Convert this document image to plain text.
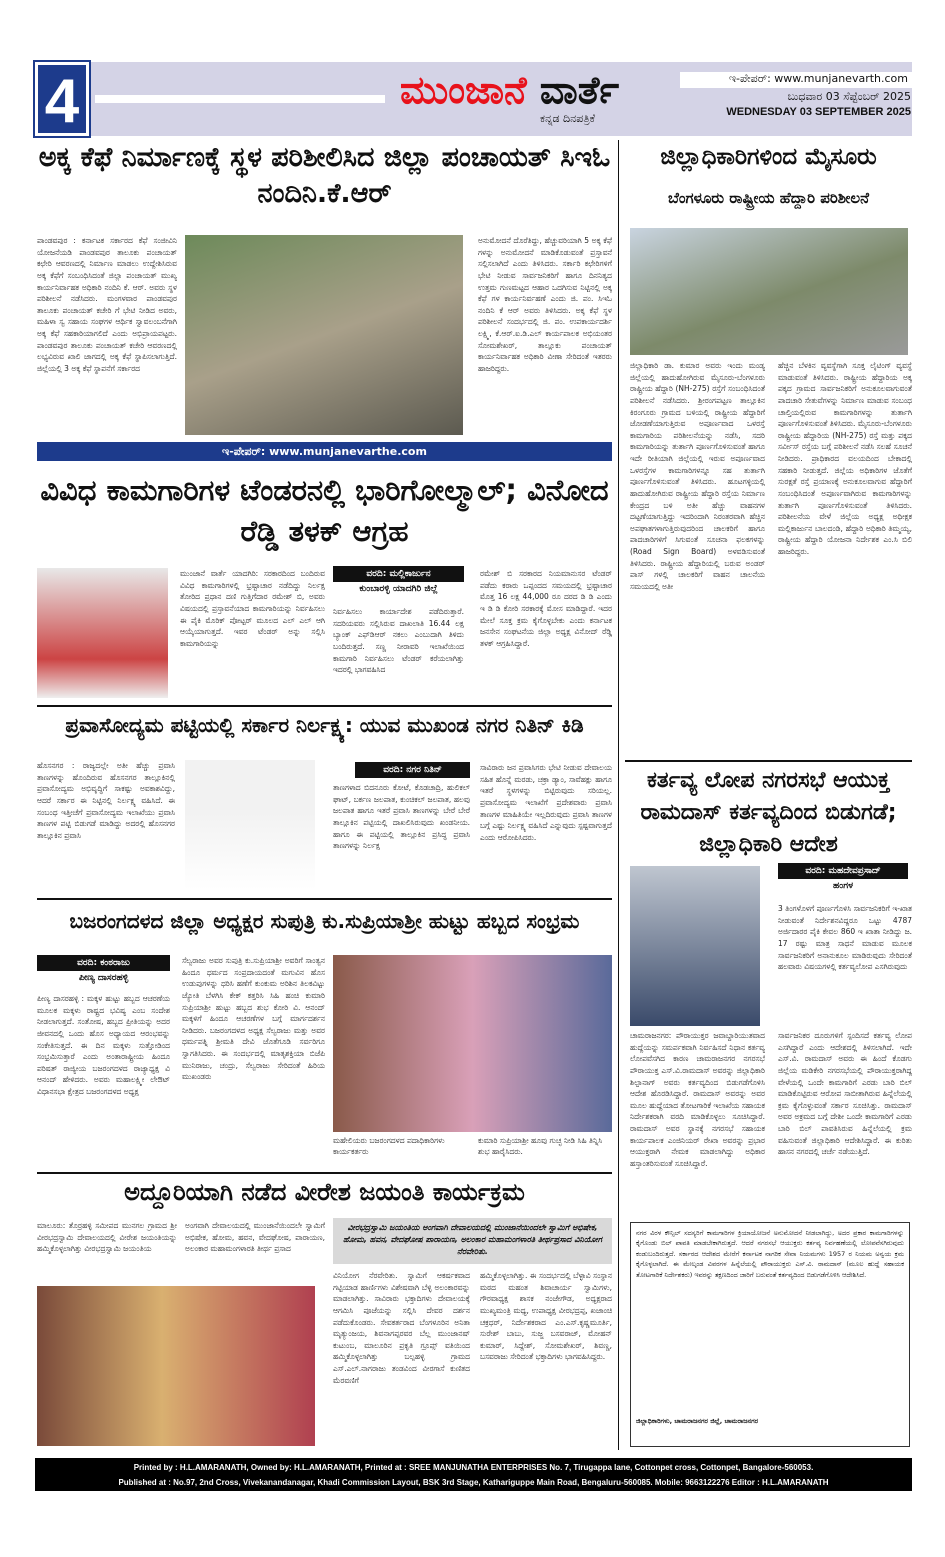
4	ಮುಂಜಾನೆ ವಾರ್ತೆ
ಕನ್ನಡ ದಿನಪತ್ರಿಕೆ
ಇ-ಪೇಪರ್: www.munjanevarth.com
ಬುಧವಾರ 03 ಸೆಪ್ಟೆಂಬರ್ 2025
WEDNESDAY 03 SEPTEMBER 2025
ಅಕ್ಕ ಕೆಫೆ ನಿರ್ಮಾಣಕ್ಕೆ ಸ್ಥಳ ಪರಿಶೀಲಿಸಿದ ಜಿಲ್ಲಾ ಪಂಚಾಯತ್ ಸಿಇಓ ನಂದಿನಿ.ಕೆ.ಆರ್
ಪಾಂಡವಪುರ : ಕರ್ನಾಟಕ ಸರ್ಕಾರದ ಕೆಫೆ ಸಂಜೀವಿನಿ ಯೋಜನೆಯಡಿ ಪಾಂಡವಪುರ ತಾಲೂಕು ಪಂಚಾಯತ್ ಕಛೇರಿ ಆವರಣದಲ್ಲಿ ನಿರ್ಮಾಣ ಮಾಡಲು ಉದ್ದೇಶಿಸಿರುವ ಅಕ್ಕ ಕೆಫೆಗೆ ಸಂಬಂಧಿಸಿದಂತೆ ಜಿಲ್ಲಾ ಪಂಚಾಯತ್ ಮುಖ್ಯ ಕಾರ್ಯನಿರ್ವಾಹಕ ಅಧಿಕಾರಿ ನಂದಿನಿ ಕೆ. ಆರ್. ಅವರು ಸ್ಥಳ ಪರಿಶೀಲನೆ ನಡೆಸಿದರು. ಮಂಗಳವಾರ ಪಾಂಡವಪುರ ತಾಲೂಕು ಪಂಚಾಯತ್ ಕಚೇರಿ ಗೆ ಭೇಟಿ ನೀಡಿದ ಅವರು, ಮಹಿಳಾ ಸ್ವ ಸಹಾಯ ಸಂಘಗಳ ಆರ್ಥಿಕ ಸ್ವಾವಲಂಬನೆಗಾಗಿ ಅಕ್ಕ ಕೆಫೆ ಸಹಕಾರಿಯಾಗಲಿದೆ ಎಂದು ಅಭಿಪ್ರಾಯಪಟ್ಟರು. ಪಾಂಡವಪುರ ತಾಲೂಕು ಪಂಚಾಯತ್ ಕಚೇರಿ ಆವರಣದಲ್ಲಿ ಲಭ್ಯವಿರುವ ಖಾಲಿ ಜಾಗದಲ್ಲಿ ಅಕ್ಕ ಕೆಫೆ ಸ್ಥಾಪಿಸಲಾಗುತ್ತಿದೆ. ಜಿಲ್ಲೆಯಲ್ಲಿ 3 ಅಕ್ಕ ಕೆಫೆ ಸ್ಥಾಪನೆಗೆ ಸರ್ಕಾರದ
ಅನುಮೋದನೆ ದೊರೆತಿದ್ದು, ಹೆಚ್ಚುವರಿಯಾಗಿ 5 ಅಕ್ಕ ಕೆಫೆ ಗಳನ್ನು ಅನುಮೋದನೆ ಮಾಡಿಕೊಡುವಂತೆ ಪ್ರಸ್ತಾವನೆ ಸಲ್ಲಿಸಲಾಗಿದೆ ಎಂದು ತಿಳಿಸಿದರು. ಸರ್ಕಾರಿ ಕಛೇರಿಗಳಿಗೆ ಭೇಟಿ ನೀಡುವ ಸಾರ್ವಜನಿಕರಿಗೆ ಹಾಗೂ ದಿನನಿತ್ಯದ ಉತ್ತಮ ಗುಣಮಟ್ಟದ ಆಹಾರ ಒದಗಿಸುವ ನಿಟ್ಟಿನಲ್ಲಿ ಅಕ್ಕ ಕೆಫೆ ಗಳ ಕಾರ್ಯನಿರ್ವಹಣೆ ಎಂದು ಜಿ. ಪಂ. ಸಿಇಓ ನಂದಿನಿ ಕೆ ಆರ್ ಅವರು ತಿಳಿಸಿದರು. ಅಕ್ಕ ಕೆಫೆ ಸ್ಥಳ ಪರಿಶೀಲನೆ ಸಂದರ್ಭದಲ್ಲಿ ಜಿ. ಪಂ. ಉಪಕಾರ್ಯದರ್ಶಿ ಲಕ್ಷ್ಮಿ, ಕೆ.ಆರ್.ಐ.ಡಿ.ಎಲ್ ಕಾರ್ಯಪಾಲಕ ಅಭಿಯಂತರ ಸೋಮಶೇಖರ್, ತಾಲ್ಲೂಕು ಪಂಚಾಯತ್ ಕಾರ್ಯನಿರ್ವಾಹಕ ಅಧಿಕಾರಿ ವೀಣಾ ಸೇರಿದಂತೆ ಇತರರು ಹಾಜರಿದ್ದರು.
ಇ-ಪೇಪರ್: www.munjanevarthe.com
ವಿವಿಧ ಕಾಮಗಾರಿಗಳ ಟೆಂಡರನಲ್ಲಿ ಭಾರಿಗೋಲ್ಮಾಲ್; ವಿನೋದ ರೆಡ್ಡಿ ತಳಕ್ ಆಗ್ರಹ
ಮುಂಜಾನೆ ವಾರ್ತೆ ಯಾದಗಿರಿ: ಸರಕಾರದಿಂದ ಬಂದಿರುವ ವಿವಿಧ ಕಾಮಗಾರಿಗಳಲ್ಲಿ ಭ್ರಷ್ಟಾಚಾರ ನಡೆದಿದ್ದು ನಿರ್ಲಕ್ಷ ತೋರಿದ ಪ್ರಧಾನ ದಣಿ ಗುತ್ತಿಗೆದಾರ ರಮೇಶ್ ಬಿ, ಅವರು ವಿಷಯದಲ್ಲಿ ಪ್ರಸ್ತಾವನೆಯಾದ ಕಾಮಗಾರಿಯನ್ನು ನಿರ್ವಹಿಸಲು ಈ ಪೈಕಿ ಮೊರಿಕ್ ಪೋಟ್ಟರ್ ಮೂಲದ ಎಲ್ ಎಲ್ ಆಗಿ ಆಯ್ಕೆಯಾಗುತ್ತದೆ. ಇವರ ಟೆಂಡರ್ ಅನ್ನು ಸಲ್ಲಿಸಿ ಕಾಮಗಾರಿಯನ್ನು
ವರದಿ: ಮಲ್ಲಿಕಾರ್ಜುನ
ಕುಂಬಾರಳ್ಳಿ ಯಾದಗಿರಿ ಜಿಲ್ಲೆ
ನಿರ್ವಹಿಸಲು ಕಾರ್ಯಾದೇಶ ಪಡೆದಿರುತ್ತಾರೆ. ಸದರಿಯವರು ಸಲ್ಲಿಸಿರುವ ದಾಖಲಾತಿ 16.44 ಲಕ್ಷ ಬ್ಯಾಂಕ್ ಎಫ್‌ಡಿಆರ್ ನಕಲು ಎಂಬುದಾಗಿ ತಿಳಿದು ಬಂದಿರುತ್ತದೆ. ಸಣ್ಣ ನೀರಾವರಿ ಇಲಾಖೆಯಿಂದ ಕಾಮಗಾರಿ ನಿರ್ವಹಿಸಲು ಟೆಂಡರ್ ಕರೆಯಲಾಗಿತ್ತು ಇದರಲ್ಲಿ ಭಾಗವಹಿಸಿದ
ರಮೇಶ್ ಬಿ ಸರಕಾರದ ನಿಯಮಾನುಸರ ಟೆಂಡರ್ ಪಡೆದು ಕರಾರು ಒಪ್ಪಂದದ ಸಮಯದಲ್ಲಿ ಭ್ರಷ್ಟಾಚಾರ ಮೊತ್ತ 16 ಲಕ್ಷ 44,000 ರೂ ದರದ ಡಿ ಡಿ ಎಂದು ಇ ಡಿ ಡಿ ಕೋರಿ ಸರಕಾರಕ್ಕೆ ಮೋಸ ಮಾಡಿದ್ದಾರೆ. ಇದರ ಮೇಲೆ ಸೂಕ್ತ ಕ್ರಮ ಕೈಗೊಳ್ಳಬೇಕು ಎಂದು ಕರ್ನಾಟಕ ಜನಸೇನ ಸಂಘಟನೆಯ ಜಿಲ್ಲಾ ಅಧ್ಯಕ್ಷ ವಿನೋದ್ ರೆಡ್ಡಿ ತಳಕ್ ಆಗ್ರಹಿಸಿದ್ದಾರೆ.
ಪ್ರವಾಸೋದ್ಯಮ ಪಟ್ಟಿಯಲ್ಲಿ ಸರ್ಕಾರ ನಿರ್ಲಕ್ಷ್ಯ: ಯುವ ಮುಖಂಡ ನಗರ ನಿತಿನ್ ಕಿಡಿ
ಹೊಸನಗರ : ರಾಜ್ಯದಲ್ಲೇ ಅತೀ ಹೆಚ್ಚು ಪ್ರವಾಸಿ ತಾಣಗಳನ್ನು ಹೊಂದಿರುವ ಹೊಸನಗರ ತಾಲ್ಲೂಕಿನಲ್ಲಿ ಪ್ರವಾಸೋದ್ಯಮ ಅಭಿವೃದ್ಧಿಗೆ ಸಾಕಷ್ಟು ಅವಕಾಶವಿದ್ದು, ಆದರೆ ಸರ್ಕಾರ ಈ ನಿಟ್ಟಿನಲ್ಲಿ ನಿರ್ಲಕ್ಷ್ಯ ವಹಿಸಿದೆ. ಈ ಸಂಬಂಧ ಇತ್ತೀಚೆಗೆ ಪ್ರವಾಸೋದ್ಯಮ ಇಲಾಖೆಯು ಪ್ರವಾಸಿ ತಾಣಗಳ ಪಟ್ಟಿ ಬಿಡುಗಡೆ ಮಾಡಿದ್ದು ಅದರಲ್ಲಿ ಹೊಸನಗರ ತಾಲ್ಲೂಕಿನ ಪ್ರವಾಸಿ
ವರದಿ: ನಗರ ನಿತಿನ್
ತಾಣಗಳಾದ ಬಿದನೂರು ಕೋಟೆ, ಕೊಡಚಾದ್ರಿ, ಹುಲಿಕಲ್ ಘಾಟ್, ಬರ್ಕಣ ಜಲಪಾತ, ಕುಂಚಿಕಲ್ ಜಲಪಾತ, ಹಲವು ಜಲಪಾತ ಹಾಗೂ ಇತರೆ ಪ್ರವಾಸಿ ತಾಣಗಳನ್ನು ಬೇರೆ ಬೇರೆ ತಾಲ್ಲೂಕಿನ ಪಟ್ಟಿಯಲ್ಲಿ ದಾಖಲಿಸಿರುವುದು ಖಂಡನೀಯ. ಹಾಗೂ ಈ ಪಟ್ಟಿಯಲ್ಲಿ ತಾಲ್ಲೂಕಿನ ಪ್ರಸಿದ್ಧ ಪ್ರವಾಸಿ ತಾಣಗಳನ್ನು ನಿರ್ಲಕ್ಷ
ಸಾವಿರಾರು ಜನ ಪ್ರವಾಸಿಗರು ಭೇಟಿ ನೀಡುವ ದೇವಾಲಯ ಸಹಿತ ಹೊನ್ನೆ ಮರಡು, ಚಕ್ರಾ ಡ್ಯಾಂ, ಸಾವೆಹಕ್ಲು ಹಾಗೂ ಇತರೆ ಸ್ಥಳಗಳನ್ನು ಬಿಟ್ಟಿರುವುದು ಸರಿಯಲ್ಲ. ಪ್ರವಾಸೋದ್ಯಮ ಇಲಾಖೆಗೆ ಪ್ರದೇಶವಾರು ಪ್ರವಾಸಿ ತಾಣಗಳ ಮಾಹಿತಿಯೇ ಇಲ್ಲದಿರುವುದು ಪ್ರವಾಸಿ ತಾಣಗಳ ಬಗ್ಗೆ ಎಷ್ಟು ನಿರ್ಲಕ್ಷ್ಯ ವಹಿಸಿದೆ ಎನ್ನುವುದು ಸ್ಪಷ್ಟವಾಗುತ್ತದೆ ಎಂದು ಆರೋಪಿಸಿದರು.
ಬಜರಂಗದಳದ ಜಿಲ್ಲಾ ಅಧ್ಯಕ್ಷರ ಸುಪುತ್ರಿ ಕು.ಸುಪ್ರಿಯಾಶ್ರೀ ಹುಟ್ಟು ಹಬ್ಬದ ಸಂಭ್ರಮ
ವರದಿ: ಕಂಠರಾಜು
ಪೀಣ್ಯ ದಾಸರಹಳ್ಳಿ
ಪೀಣ್ಯ ದಾಸರಹಳ್ಳಿ : ಮಕ್ಕಳ ಹುಟ್ಟು ಹಬ್ಬದ ಆಚರಣೆಯ ಮೂಲಕ ಮಕ್ಕಳು ರಾಷ್ಟ್ರದ ಭವಿಷ್ಯ ಎಂಬ ಸಂದೇಶ ನೀಡಲಾಗುತ್ತದೆ. ಸಂತೋಷ, ಹಬ್ಬದ ಪ್ರೀತಿಯನ್ನು ಅದರ ಜೀವನದಲ್ಲಿ ಒಂದು ಹೊಸ ಅಧ್ಯಾಯದ ಆರಂಭವನ್ನು ಸಂಕೇತಿಸುತ್ತದೆ. ಈ ದಿನ ಮಕ್ಕಳು ಸುತ್ತೋಡಿಂದ ಸಂಭ್ರಮಿಸುತ್ತಾರೆ ಎಂದು ಅಂತಾರಾಷ್ಟ್ರೀಯ ಹಿಂದೂ ಪರಿಷತ್ ರಾಜ್ಯೀಯ ಬಜರಂಗದಳದ ರಾಜ್ಯಾಧ್ಯಕ್ಷ ವಿ ಆನಂದ್ ಹೇಳಿದರು. ಅವರು ಮಹಾಲಕ್ಷ್ಮೀ ಲೇಔಟ್ ವಿಧಾನಸಭಾ ಕ್ಷೇತ್ರದ ಬಜರಂಗದಳದ ಅಧ್ಯಕ್ಷ
ಸೆಲ್ವರಾಜು ಅವರ ಸುಪುತ್ರಿ ಕು.ಸುಪ್ರಿಯಾಶ್ರೀ ಅವರಿಗೆ ಸಾಂತ್ವನ ಹಿಂದೂ ಧರ್ಮದ ಸಂಪ್ರದಾಯದಂತೆ ಮಗುವಿನ ಹೊಸ ಉಡುಪುಗಳನ್ನು ಧರಿಸಿ ಹಣೆಗೆ ಕುಂಕುಮ ಅರಿಶಿನ ತಿಲಕವಿಟ್ಟು ಜ್ಯೋತಿ ಬೆಳಗಿಸಿ ಕೇಕ್ ಕತ್ತರಿಸಿ ಸಿಹಿ ಹಂಚಿ ಕುಮಾರಿ ಸುಪ್ರಿಯಾಶ್ರೀ ಹುಟ್ಟು ಹಬ್ಬದ ಶುಭ ಕೋರಿ ವಿ. ಆನಂದ್ ಮಕ್ಕಳಿಗೆ ಹಿಂದೂ ಆಚರಣೆಗಳ ಬಗ್ಗೆ ಮಾರ್ಗದರ್ಶನ ನೀಡಿದರು. ಬಜರಂಗದಳದ ಅಧ್ಯಕ್ಷ ಸೆಲ್ವರಾಜು ಮತ್ತು ಅವರ ಧರ್ಮಪತ್ನಿ ಶ್ರೀಮತಿ ದೇವಿ ಜೊತೆಗೂಡಿ ಸರ್ವರಿಗೂ ಸ್ವಾಗತಿಸಿದರು. ಈ ಸಂದರ್ಭದಲ್ಲಿ ಮಾತೃಶಕ್ತಿಯಾ ಬಿಜೆಪಿ ಮುನಿರಾಜು, ಚಂದ್ರು, ಸೆಲ್ವರಾಜು ಸೇರಿದಂತೆ ಹಿರಿಯ ಮುಖಂಡರು
ಮಹೇಲಿಯರು ಬಜರಂಗದಳದ ಪದಾಧಿಕಾರಿಗಳು ಕಾರ್ಯಕರ್ತರು
ಕುಮಾರಿ ಸುಪ್ರಿಯಾಶ್ರೀ ಹೂವು ಗುಚ್ಛ ನೀಡಿ ಸಿಹಿ ತಿನ್ನಿಸಿ ಶುಭ ಹಾರೈಸಿದರು.
ಅದ್ದೂರಿಯಾಗಿ ನಡೆದ ವೀರೇಶ ಜಯಂತಿ ಕಾರ್ಯಕ್ರಮ
ಮಾಲೂರು: ತೊರ್ರಹಳ್ಳಿ ಸಮೀಪದ ಮುನಗಲ ಗ್ರಾಮದ ಶ್ರೀ ವೀರಭದ್ರಸ್ವಾಮಿ ದೇವಾಲಯದಲ್ಲಿ ವೀರೇಶ ಜಯಂತಿಯನ್ನು ಹಮ್ಮಿಕೊಳ್ಳಲಾಗಿತ್ತು ವೀರಭದ್ರಸ್ವಾಮಿ ಜಯಂತಿಯ
ಅಂಗವಾಗಿ ದೇವಾಲಯದಲ್ಲಿ ಮುಂಜಾನೆಯಿಂದಲೇ ಸ್ವಾಮಿಗೆ ಅಭಿಷೇಕ, ಹೋಮ, ಹವನ, ವೇದಘೋಷ, ಪಾರಾಯಣ, ಅಲಂಕಾರ ಮಹಾಮಂಗಳಾರತಿ ತೀರ್ಥ ಪ್ರಸಾದ
ವೀರಭದ್ರಸ್ವಾಮಿ ಜಯಂತಿಯ ಅಂಗವಾಗಿ ದೇವಾಲಯದಲ್ಲಿ ಮುಂಜಾನೆಯಿಂದಲೇ ಸ್ವಾಮಿಗೆ ಅಭಿಷೇಕ, ಹೋಮ, ಹವನ, ವೇದಘೋಷ ಪಾರಾಯಣ, ಅಲಂಕಾರ ಮಹಾಮಂಗಳಾರತಿ ತೀರ್ಥಪ್ರಸಾದ ವಿನಿಯೋಗ ನೆರವೇರಿತು.
ವಿನಿಯೋಗ ನೆರವೇರಿತು. ಸ್ವಾಮಿಗೆ ಆಕರ್ಷಕವಾದ ಗಟ್ಟಿಯಾಡ ಹಾರ್ಣಿಗಳು ವಿಶೇಷವಾಗಿ ಬೆಳ್ಳಿ ಅಲಂಕಾರವನ್ನು ಮಾಡಲಾಗಿತ್ತು. ಸಾವಿರಾರು ಭಕ್ತಾದಿಗಳು ದೇವಾಲಯಕ್ಕೆ ಆಗಮಿಸಿ ಪೂಜೆಯನ್ನು ಸಲ್ಲಿಸಿ ದೇವರ ದರ್ಶನ ಪಡೆದುಕೊಂಡರು. ಸೇವಕರ್ತರಾದ ಬೆಂಗಳೂರಿನ ಅನಿತಾ ಮೃತ್ಯುಂಜಯ, ಶಿವನಾಗಪ್ಪರವರ ಬೆಲ್ಲ ಮುಂಜಾನಷ್ ಕುಟುಂಬ, ಮಾಲೂರಿನ ಪ್ರಕೃತಿ ಗ್ರೂಪ್ಸ್ ವತಿಯಿಂದ ಹಮ್ಮಿಕೊಳ್ಳಲಾಗಿತ್ತು ಬಲ್ಪಹಳ್ಳಿ ಗ್ರಾಮದ ಎಸ್.ಎಲ್.ನಾಗರಾಜು ತಂಡವಿಂದ ವೀರಗಾಸೆ ಕುಣಿತದ ಮೆರವಣಿಗೆ
ಹಮ್ಮಿಕೊಳ್ಳಲಾಗಿತ್ತು. ಈ ಸಂದರ್ಭದಲ್ಲಿ ಬೆಳ್ಳಾವಿ ಸಂಸ್ಥಾನ ಮಠದ ಮಹಂತ ಶಿವಾಚಾರ್ಯ ಸ್ವಾಮಿಗಳು, ಗೌರವಾಧ್ಯಕ್ಷ ಶಾಸಕ ನಂಜೇಗೌಡ, ಅಧ್ಯಕ್ಷರಾದ ಮುಖ್ಯಮಂತ್ರಿ ಮಧ್ಯ, ಉಪಾಧ್ಯಕ್ಷ ವೀರಭದ್ರಪ್ಪ, ಖಜಾಂಚಿ ಚಕ್ರಧರ್, ನಿರ್ದೇಶಕರಾದ ಎಂ.ಎಸ್.ಕೃಷ್ಣಮೂರ್ತಿ, ಸುರೇಶ್ ಬಾಬು, ಸುಜ್ಜ ಬಸವರಾಜ್, ಮೋಹನ್ ಕುಮಾರ್, ಸಿದ್ದೇಶ್, ಸೋಮಶೇಖರ್, ಶಿವಣ್ಣ, ಬಸವರಾಜು ಸೇರಿದಂತೆ ಭಕ್ತಾದಿಗಳು ಭಾಗವಹಿಸಿದ್ದರು.
ಜಿಲ್ಲಾಧಿಕಾರಿಗಳಿಂದ ಮೈಸೂರು
ಬೆಂಗಳೂರು ರಾಷ್ಟ್ರೀಯ ಹೆದ್ದಾರಿ ಪರಿಶೀಲನೆ
ಜಿಲ್ಲಾಧಿಕಾರಿ ಡಾ. ಕುಮಾರ ಅವರು ಇಂದು ಮಂಡ್ಯ ಜಿಲ್ಲೆಯಲ್ಲಿ ಹಾದುಹೋಗಿರುವ ಮೈಸೂರು-ಬೆಂಗಳೂರು ರಾಷ್ಟ್ರೀಯ ಹೆದ್ದಾರಿ (NH-275) ರಸ್ತೆಗೆ ಸಂಬಂಧಿಸಿದಂತೆ ಪರಿಶೀಲನೆ ನಡೆಸಿದರು. ಶ್ರೀರಂಗಪಟ್ಟಣ ತಾಲ್ಲೂಕಿನ ಕಿರಂಗೂರು ಗ್ರಾಮದ ಬಳಿಯಲ್ಲಿ ರಾಷ್ಟ್ರೀಯ ಹೆದ್ದಾರಿಗೆ ಜೋಡಣೆಯಾಗುತ್ತಿರುವ ಅಪೂರ್ಣವಾದ ಒಳರಸ್ತೆ ಕಾಮಗಾರಿಯ ಪರಿಶೀಲನೆಯನ್ನು ನಡೆಸಿ, ಸದರಿ ಕಾಮಗಾರಿಯನ್ನು ತುರ್ತಾಗಿ ಪೂರ್ಣಗೊಳಿಸುವಂತೆ ಹಾಗೂ ಇದೇ ರೀತಿಯಾಗಿ ಜಿಲ್ಲೆಯಲ್ಲಿ ಇರುವ ಅಪೂರ್ಣವಾದ ಒಳರಸ್ತೆಗಳ ಕಾಮಗಾರಿಗಳನ್ನೂ ಸಹ ತುರ್ತಾಗಿ ಪೂರ್ಣಗೊಳಿಸುವಂತೆ ತಿಳಿಸಿದರು. ಹೂಟಗಳ್ಳಿಯಲ್ಲಿ ಹಾದುಹೋಗಿರುವ ರಾಷ್ಟ್ರೀಯ ಹೆದ್ದಾರಿ ರಸ್ತೆಯ ನಿರ್ಮಾಣ ಕೇಂದ್ರದ ಬಳಿ ಅತೀ ಹೆಚ್ಚು ವಾಹನಗಳ ದಟ್ಟಣೆಯಾಗುತ್ತಿದ್ದು ಇದರಿಂದಾಗಿ ನಿರಂತರವಾಗಿ ಹೆಚ್ಚಿನ ಅಪಘಾತಗಳಾಗುತ್ತಿರುವುದರಿಂದ ಚಾಲಕರಿಗೆ ಹಾಗೂ ಪಾದಚಾರಿಗಳಿಗೆ ಸಿಗುವಂತೆ ಸೂಚನಾ ಫಲಕಗಳನ್ನು (Road Sign Board) ಅಳವಡಿಸುವಂತೆ ತಿಳಿಸಿದರು. ರಾಷ್ಟ್ರೀಯ ಹೆದ್ದಾರಿಯಲ್ಲಿ ಬರುವ ಅಂಡರ್ ಪಾಸ್ ಗಳಲ್ಲಿ ಚಾಲಕರಿಗೆ ವಾಹನ ಚಾಲನೆಯ ಸಮಯದಲ್ಲಿ ಅತೀ
ಹೆಚ್ಚಿನ ಬೆಳಕಿನ ವ್ಯವಸ್ಥೆಗಾಗಿ ಸೂಕ್ತ ಲೈಟಿಂಗ್ ವ್ಯವಸ್ಥೆ ಮಾಡುವಂತೆ ತಿಳಿಸಿದರು. ರಾಷ್ಟ್ರೀಯ ಹೆದ್ದಾರಿಯ ಅಕ್ಕ ಪಕ್ಕದ ಗ್ರಾಮದ ಸಾರ್ವಜನಿಕರಿಗೆ ಅನುಕೂಲವಾಗುವಂತೆ ಪಾದಚಾರಿ ಸೇತುವೆಗಳನ್ನು ನಿರ್ಮಾಣ ಮಾಡುವ ಸಂಬಂಧ ಚಾಲ್ತಿಯಲ್ಲಿರುವ ಕಾಮಗಾರಿಗಳನ್ನು ತುರ್ತಾಗಿ ಪೂರ್ಣಗೊಳಿಸುವಂತೆ ತಿಳಿಸಿದರು. ಮೈಸೂರು-ಬೆಂಗಳೂರು ರಾಷ್ಟ್ರೀಯ ಹೆದ್ದಾರಿಯ (NH-275) ರಸ್ತೆ ಮತ್ತು ಪಕ್ಕದ ಸರ್ವೀಸ್ ರಸ್ತೆಯ ಬಗ್ಗೆ ಪರಿಶೀಲನೆ ನಡೆಸಿ ಸಲಹೆ ಸೂಚನೆ ನೀಡಿದರು. ಪ್ರಾಧಿಕಾರದ ವಲಯದಿಂದ ಬೇಕಾದಲ್ಲಿ ಸಹಕಾರಿ ನೀಡುತ್ತದೆ. ಜಿಲ್ಲೆಯ ಅಧಿಕಾರಿಗಳ ಜೊತೆಗೆ ಸುರಕ್ಷತೆ ರಸ್ತೆ ಪ್ರಯಾಣಕ್ಕೆ ಅನುಕೂಲವಾಗುವ ಹೆದ್ದಾರಿಗೆ ಸಂಬಂಧಿಸಿದಂತೆ ಅಪೂರ್ಣವಾಗಿರುವ ಕಾಮಗಾರಿಗಳನ್ನು ತುರ್ತಾಗಿ ಪೂರ್ಣಗೊಳಿಸುವಂತೆ ತಿಳಿಸಿದರು. ಪರಿಶೀಲನೆಯ ವೇಳೆ ಜಿಲ್ಲೆಯ ಅಧ್ಯಕ್ಷ ಅಧೀಕ್ಷಕ ಮಲ್ಲಿಕಾರ್ಜುನ ಬಾಲದಂಡಿ, ಹೆದ್ದಾರಿ ಅಧಿಕಾರಿ ತಿಮ್ಮಯ್ಯ, ರಾಷ್ಟ್ರೀಯ ಹೆದ್ದಾರಿ ಯೋಜನಾ ನಿರ್ದೇಶಕ ಎಂ.ಸಿ ಬಿಲಿ ಹಾಜರಿದ್ದರು.
ಕರ್ತವ್ಯ ಲೋಪ ನಗರಸಭೆ ಆಯುಕ್ತ ರಾಮದಾಸ್ ಕರ್ತವ್ಯದಿಂದ ಬಿಡುಗಡೆ; ಜಿಲ್ಲಾಧಿಕಾರಿ ಆದೇಶ
ವರದಿ: ಮಹದೇವಪ್ರಸಾದ್
ಹಂಗಳ
3 ತಿಂಗಳೊಳಗೆ ಪೂರ್ಣಗೊಳಿಸಿ ಸಾರ್ವಜನಿಕರಿಗೆ ಇ-ಖಾತ ನೀಡುವಂತೆ ನಿರ್ದೇಶನವಿದ್ದರೂ ಒಟ್ಟು 4787 ಅರ್ಜಿದಾರರ ಪೈಕಿ ಕೇವಲ 860 ಇ ಖಾತಾ ನೀಡಿದ್ದು ಜ. 17 ರಷ್ಟು ಮಾತ್ರ ಸಾಧನೆ ಮಾಡುವ ಮೂಲಕ ಸಾರ್ವಜನಿಕರಿಗೆ ಅನಾನುಕೂಲ ಮಾಡಿರುವುದು ಸೇರಿದಂತೆ ಹಲವಾರು ವಿಷಯಗಳಲ್ಲಿ ಕರ್ತವ್ಯಲೋಪ ಎಸಗಿರುವುದು
ಚಾಮರಾಜನಗರ: ಪೌರಾಯುಕ್ತರ ಜವಾಬ್ದಾರಿಯುತವಾದ ಹುದ್ದೆಯನ್ನು ಸಮರ್ಪಕವಾಗಿ ನಿರ್ವಹಿಸದೆ ನಿಧಾನ ಕರ್ತವ್ಯ ಲೋಪವೆಸಗಿದ ಕಾರಣ ಚಾಮರಾಜನಗರ ನಗರಸಭೆ ಪೌರಾಯುಕ್ತ ಎಸ್.ವಿ.ರಾಮದಾಸ್ ಅವರನ್ನು ಜಿಲ್ಲಾಧಿಕಾರಿ ಶಿಲ್ಪಾನಾಗ್ ಅವರು ಕರ್ತವ್ಯದಿಂದ ಬಿಡುಗಡೆಗೊಳಿಸಿ ಆದೇಶ ಹೊರಡಿಸಿದ್ದಾರೆ. ರಾಮದಾಸ್ ಅವರನ್ನು ಅವರ ಮೂಲ ಹುದ್ದೆಯಾದ ತೋಟಗಾರಿಕೆ ಇಲಾಖೆಯ ಸಹಾಯಕ ನಿರ್ದೇಶಕರಾಗಿ ವರದಿ ಮಾಡಿಕೊಳ್ಳಲು ಸೂಚಿಸಿದ್ದಾರೆ. ರಾಮದಾಸ್ ಅವರ ಸ್ಥಾನಕ್ಕೆ ನಗರಸಭೆ ಸಹಾಯಕ ಕಾರ್ಯಪಾಲಕ ಎಂಜಿನಿಯರ್ ರೇಖಾ ಅವರನ್ನು ಪ್ರಭಾರ ಆಯುಕ್ತರಾಗಿ ನೇಮಕ ಮಾಡಲಾಗಿದ್ದು ಅಧಿಕಾರ ಹಸ್ತಾಂತರಿಸುವಂತೆ ಸೂಚಿಸಿದ್ದಾರೆ.
ಸಾರ್ವಜನಿಕರ ದೂರುಗಳಿಗೆ ಸ್ಪಂದಿಸದೆ ಕರ್ತವ್ಯ ಲೋಪ ಎಸಗಿದ್ದಾರೆ ಎಂದು ಆದೇಶದಲ್ಲಿ ತಿಳಿಸಲಾಗಿದೆ. ಇದೇ ಎಸ್.ವಿ. ರಾಮದಾಸ್ ಅವರು ಈ ಹಿಂದೆ ಕೊಡಗು ಜಿಲ್ಲೆಯ ಮಡಿಕೇರಿ ನಗರಸಭೆಯಲ್ಲಿ ಪೌರಾಯುಕ್ತರಾಗಿದ್ದ ವೇಳೆಯಲ್ಲಿ ಒಂದೇ ಕಾಮಗಾರಿಗೆ ಎರಡು ಬಾರಿ ಬಿಲ್ ಮಾಡಿಕೊಟ್ಟಿರುವ ಆರೋಪ ಸಾಬೀತಾಗಿರುವ ಹಿನ್ನೆಲೆಯಲ್ಲಿ ಕ್ರಮ ಕೈಗೊಳ್ಳುವಂತೆ ಸರ್ಕಾರ ಸೂಚಿಸಿತ್ತು. ರಾಮದಾಸ್ ಅವರ ಅಕ್ರಮದ ಬಗ್ಗೆ ದೇಶೀ ಒಂದೇ ಕಾಮಗಾರಿಗೆ ಎರಡು ಬಾರಿ ಬಿಲ್ ಪಾವತಿಸಿರುವ ಹಿನ್ನೆಲೆಯಲ್ಲಿ ಕ್ರಮ ವಹಿಸುವಂತೆ ಜಿಲ್ಲಾಧಿಕಾರಿ ಆದೇಶಿಸಿದ್ದಾರೆ. ಈ ಕುರಿತು ಹಾಸನ ನಗರದಲ್ಲಿ ಚರ್ಚೆ ನಡೆಯುತ್ತಿದೆ.
ನಗರ ವಿರಳ ಕೌನ್ಸಿಲ್ ಸದಸ್ಯರಿಗೆ ಕಾಮಗಾರಿಗಳ ಕ್ರಿಯಾಯೋಜನೆ ಅನುಮೋದನೆ ನೀಡಲಾಗಿದ್ದು, ಅದರ ಪ್ರಕಾರ ಕಾಮಗಾರಿಗಳನ್ನು ಕೈಗೊಂಡು ಬಿಲ್ ಪಾವತಿ ಮಾಡಬೇಕಾಗಿರುತ್ತದೆ. ಆದರೆ ನಗರಸಭೆ ಆಯುಕ್ತರು ಕರ್ತವ್ಯ ನಿರ್ವಹಣೆಯಲ್ಲಿ ಲೋಪವೆಸಗಿರುವುದು ಕಂಡುಬಂದಿರುತ್ತದೆ. ಸರ್ಕಾರದ ಆದೇಶದ ಮೇರೆಗೆ ಕರ್ನಾಟಕ ನಾಗರಿಕ ಸೇವಾ ನಿಯಮಗಳು 1957 ರ ನಿಯಮ ಅನ್ವಯ ಕ್ರಮ ಕೈಗೊಳ್ಳಲಾಗಿದೆ. ಈ ಮೇಲ್ಕಂಡ ವಿವರಗಳ ಹಿನ್ನೆಲೆಯಲ್ಲಿ ಪೌರಾಯುಕ್ತರು ಎಸ್.ವಿ. ರಾಮದಾಸ್ (ಮೂಲ ಹುದ್ದೆ ಸಹಾಯಕ ತೋಟಗಾರಿಕೆ ನಿರ್ದೇಶಕರು) ಇವರನ್ನು ತಕ್ಷಣದಿಂದ ಜಾರಿಗೆ ಬರುವಂತೆ ಕರ್ತವ್ಯದಿಂದ ಬಿಡುಗಡೆಗೊಳಿಸಿ ಆದೇಶಿಸಿದೆ.
ಜಿಲ್ಲಾಧಿಕಾರಿಗಳು, ಚಾಮರಾಜನಗರ ಜಿಲ್ಲೆ, ಚಾಮರಾಜನಗರ
Printed by : H.L.AMARANATH, Owned by: H.L.AMARANATH, Printed at : SREE MANJUNATHA ENTERPRISES No. 7, Tirugappa lane, Cottonpet cross, Cottonpet, Bangalore-560053.
Published at : No.97, 2nd Cross, Vivekanandanagar, Khadi Commission Layout, BSK 3rd Stage, Kathariguppe Main Road, Bengaluru-560085. Mobile: 9663122276 Editor : H.L.AMARANATH
